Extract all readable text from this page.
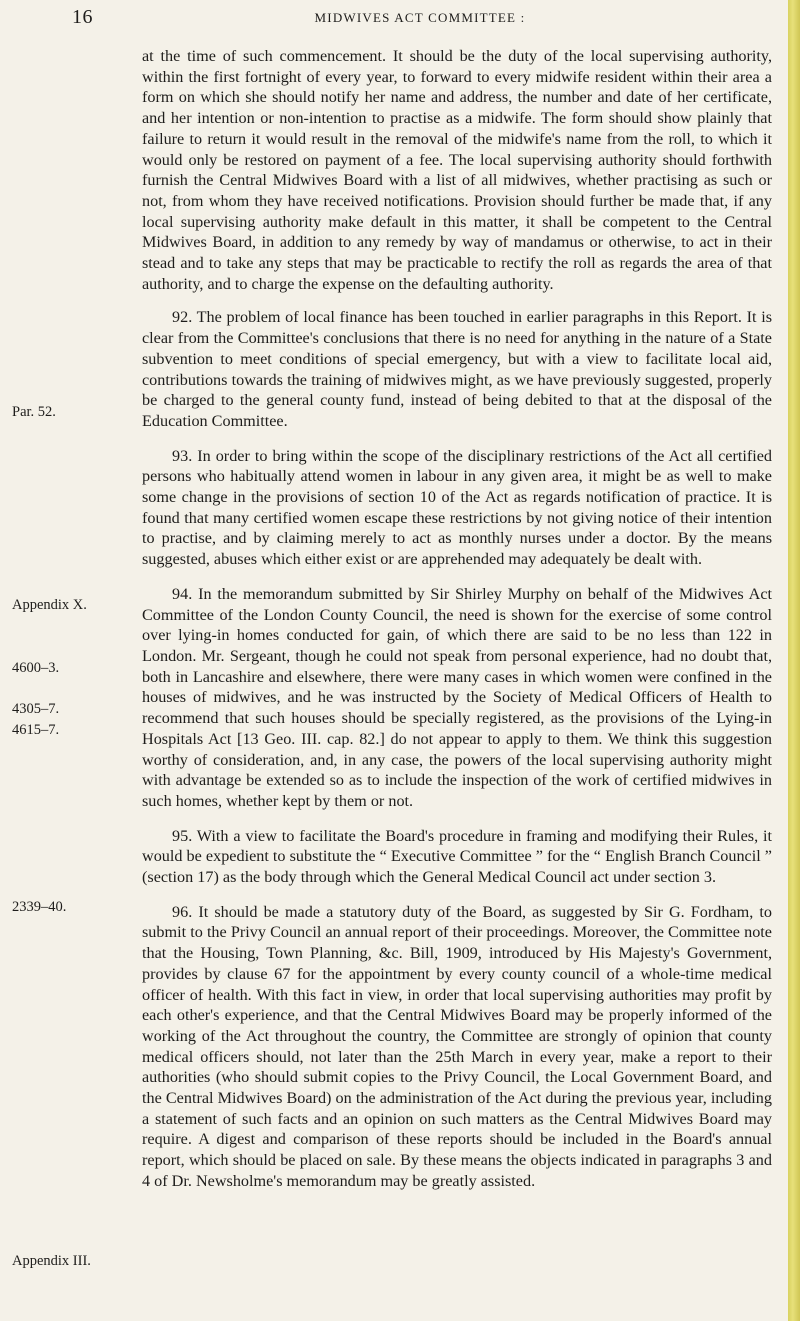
16	MIDWIVES ACT COMMITTEE :
Par. 52.
Appendix X.
4600–3.
4305–7.
4615–7.
2339–40.
Appendix III.

at the time of such commencement. It should be the duty of the local supervising authority, within the first fortnight of every year, to forward to every midwife resident within their area a form on which she should notify her name and address, the number and date of her certificate, and her intention or non-intention to practise as a midwife. The form should show plainly that failure to return it would result in the removal of the midwife's name from the roll, to which it would only be restored on payment of a fee. The local supervising authority should forthwith furnish the Central Midwives Board with a list of all midwives, whether practising as such or not, from whom they have received notifications. Provision should further be made that, if any local supervising authority make default in this matter, it shall be competent to the Central Midwives Board, in addition to any remedy by way of mandamus or otherwise, to act in their stead and to take any steps that may be practicable to rectify the roll as regards the area of that authority, and to charge the expense on the defaulting authority.

92. The problem of local finance has been touched in earlier paragraphs in this Report. It is clear from the Committee's conclusions that there is no need for anything in the nature of a State subvention to meet conditions of special emergency, but with a view to facilitate local aid, contributions towards the training of midwives might, as we have previously suggested, properly be charged to the general county fund, instead of being debited to that at the disposal of the Education Committee.

93. In order to bring within the scope of the disciplinary restrictions of the Act all certified persons who habitually attend women in labour in any given area, it might be as well to make some change in the provisions of section 10 of the Act as regards notification of practice. It is found that many certified women escape these restrictions by not giving notice of their intention to practise, and by claiming merely to act as monthly nurses under a doctor. By the means suggested, abuses which either exist or are apprehended may adequately be dealt with.

94. In the memorandum submitted by Sir Shirley Murphy on behalf of the Midwives Act Committee of the London County Council, the need is shown for the exercise of some control over lying-in homes conducted for gain, of which there are said to be no less than 122 in London. Mr. Sergeant, though he could not speak from personal experience, had no doubt that, both in Lancashire and elsewhere, there were many cases in which women were confined in the houses of midwives, and he was instructed by the Society of Medical Officers of Health to recommend that such houses should be specially registered, as the provisions of the Lying-in Hospitals Act [13 Geo. III. cap. 82.] do not appear to apply to them. We think this suggestion worthy of consideration, and, in any case, the powers of the local supervising authority might with advantage be extended so as to include the inspection of the work of certified midwives in such homes, whether kept by them or not.

95. With a view to facilitate the Board's procedure in framing and modifying their Rules, it would be expedient to substitute the “ Executive Committee ” for the “ English Branch Council ” (section 17) as the body through which the General Medical Council act under section 3.

96. It should be made a statutory duty of the Board, as suggested by Sir G. Fordham, to submit to the Privy Council an annual report of their proceedings. Moreover, the Committee note that the Housing, Town Planning, &c. Bill, 1909, introduced by His Majesty's Government, provides by clause 67 for the appointment by every county council of a whole-time medical officer of health. With this fact in view, in order that local supervising authorities may profit by each other's experience, and that the Central Midwives Board may be properly informed of the working of the Act throughout the country, the Committee are strongly of opinion that county medical officers should, not later than the 25th March in every year, make a report to their authorities (who should submit copies to the Privy Council, the Local Government Board, and the Central Midwives Board) on the administration of the Act during the previous year, including a statement of such facts and an opinion on such matters as the Central Midwives Board may require. A digest and comparison of these reports should be included in the Board's annual report, which should be placed on sale. By these means the objects indicated in paragraphs 3 and 4 of Dr. Newsholme's memorandum may be greatly assisted.
